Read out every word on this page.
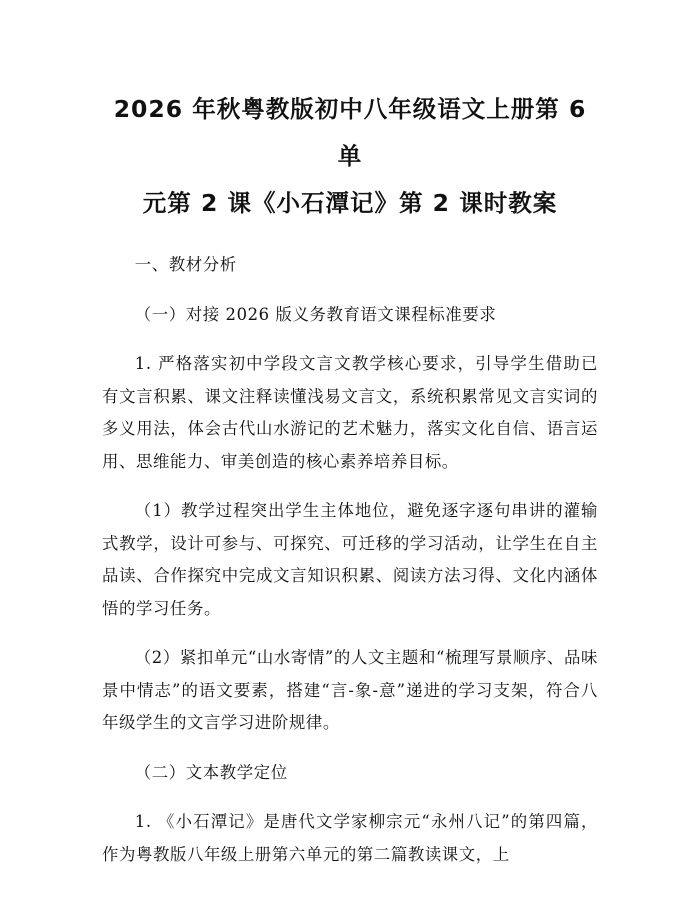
2026 年秋粤教版初中八年级语文上册第 6 单
元第 2 课《小石潭记》第 2 课时教案
一、教材分析
（一）对接 2026 版义务教育语文课程标准要求

1. 严格落实初中学段文言文教学核心要求，引导学生借助已有文言积累、课文注释读懂浅易文言文，系统积累常见文言实词的多义用法，体会古代山水游记的艺术魅力，落实文化自信、语言运用、思维能力、审美创造的核心素养培养目标。

（1）教学过程突出学生主体地位，避免逐字逐句串讲的灌输式教学，设计可参与、可探究、可迁移的学习活动，让学生在自主品读、合作探究中完成文言知识积累、阅读方法习得、文化内涵体悟的学习任务。

（2）紧扣单元“山水寄情”的人文主题和“梳理写景顺序、品味景中情志”的语文要素，搭建“言-象-意”递进的学习支架，符合八年级学生的文言学习进阶规律。

（二）文本教学定位

1. 《小石潭记》是唐代文学家柳宗元“永州八记”的第四篇，作为粤教版八年级上册第六单元的第二篇教读课文，上
